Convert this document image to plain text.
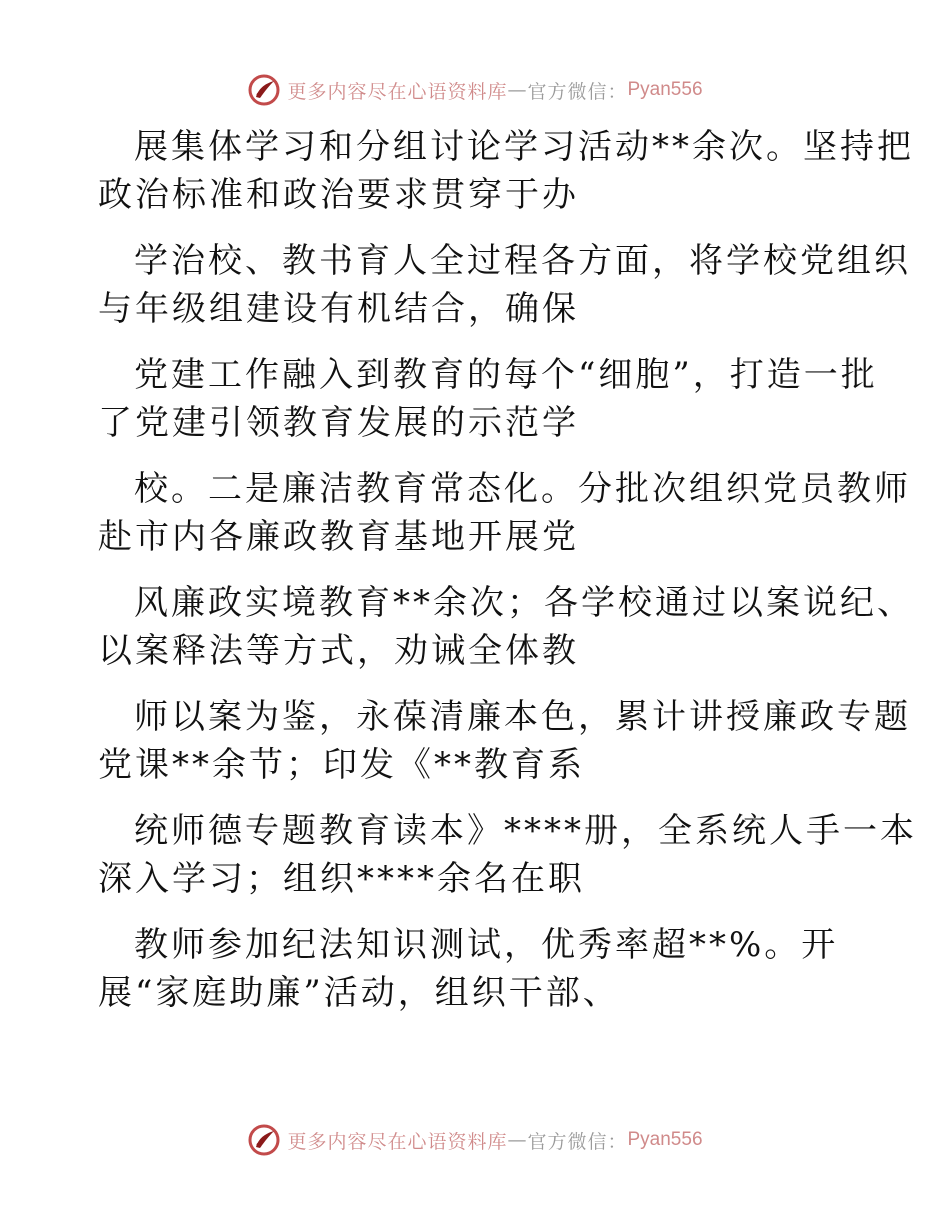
更多内容尽在心语资料库 — 官方微信： Pyan556
展集体学习和分组讨论学习活动**余次。坚持把
政治标准和政治要求贯穿于办
学治校、教书育人全过程各方面，将学校党组织
与年级组建设有机结合，确保
党建工作融入到教育的每个“细胞”，打造一批
了党建引领教育发展的示范学
校。二是廉洁教育常态化。分批次组织党员教师
赴市内各廉政教育基地开展党
风廉政实境教育**余次；各学校通过以案说纪、
以案释法等方式，劝诫全体教
师以案为鉴，永葆清廉本色，累计讲授廉政专题
党课**余节；印发《**教育系
统师德专题教育读本》****册，全系统人手一本
深入学习；组织****余名在职
教师参加纪法知识测试，优秀率超**%。开
展“家庭助廉”活动，组织干部、
更多内容尽在心语资料库 — 官方微信： Pyan556
